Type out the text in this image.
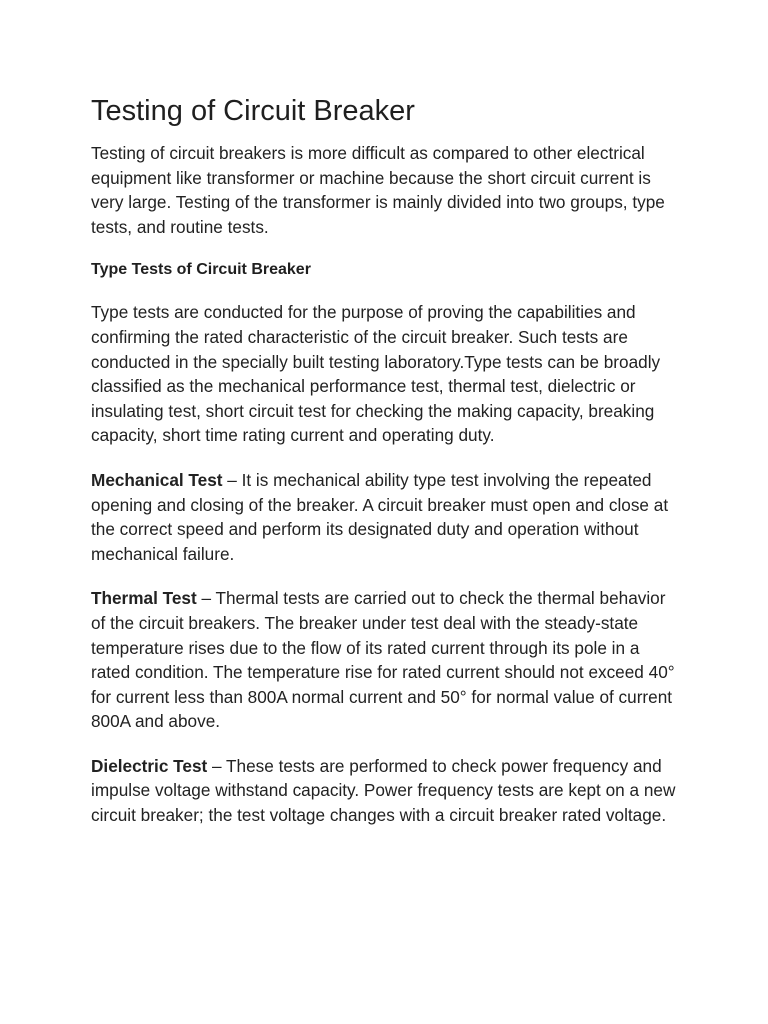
Testing of Circuit Breaker

Testing of circuit breakers is more difficult as compared to other electrical equipment like transformer or machine because the short circuit current is very large. Testing of the transformer is mainly divided into two groups, type tests, and routine tests.

Type Tests of Circuit Breaker

Type tests are conducted for the purpose of proving the capabilities and confirming the rated characteristic of the circuit breaker. Such tests are conducted in the specially built testing laboratory.Type tests can be broadly classified as the mechanical performance test, thermal test, dielectric or insulating test, short circuit test for checking the making capacity, breaking capacity, short time rating current and operating duty.

Mechanical Test – It is mechanical ability type test involving the repeated opening and closing of the breaker. A circuit breaker must open and close at the correct speed and perform its designated duty and operation without mechanical failure.

Thermal Test – Thermal tests are carried out to check the thermal behavior of the circuit breakers. The breaker under test deal with the steady-state temperature rises due to the flow of its rated current through its pole in a rated condition. The temperature rise for rated current should not exceed 40° for current less than 800A normal current and 50° for normal value of current 800A and above.

Dielectric Test – These tests are performed to check power frequency and impulse voltage withstand capacity. Power frequency tests are kept on a new circuit breaker; the test voltage changes with a circuit breaker rated voltage.
